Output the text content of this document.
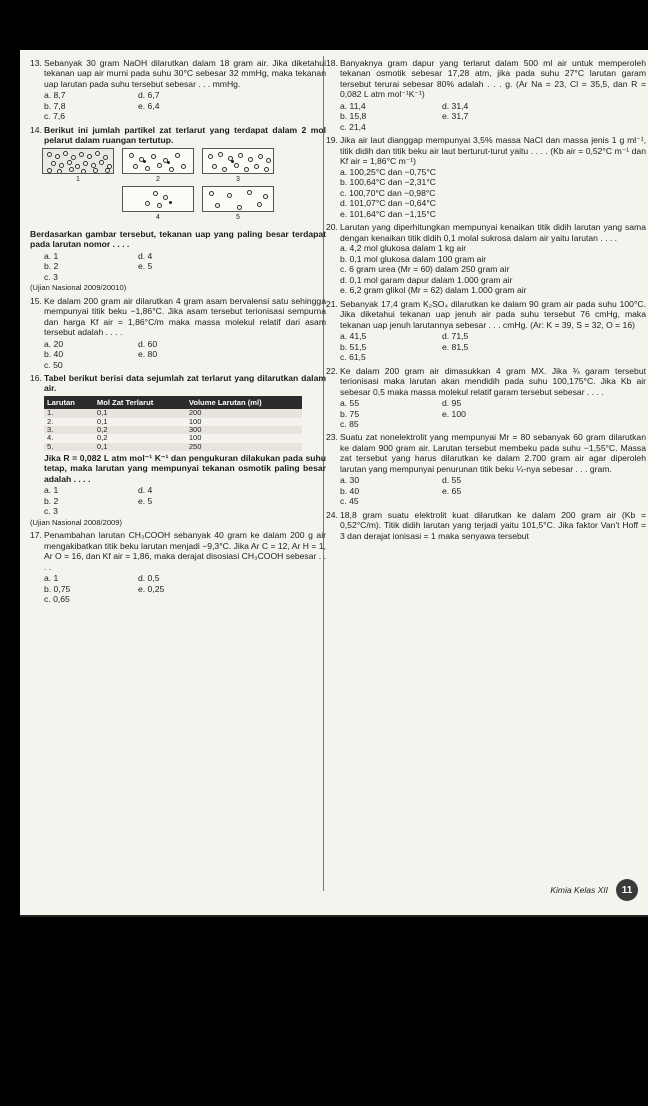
13. Sebanyak 30 gram NaOH dilarutkan dalam 18 gram air. Jika diketahui tekanan uap air murni pada suhu 30°C sebesar 32 mmHg, maka tekanan uap larutan pada suhu tersebut sebesar . . . mmHg.
a. 8,7	d. 6,7
b. 7,8	e. 6,4
c. 7,6
14. Berikut ini jumlah partikel zat terlarut yang terdapat dalam 2 mol pelarut dalam ruangan tertutup.
1	2	3
4	5
Berdasarkan gambar tersebut, tekanan uap yang paling besar terdapat pada larutan nomor . . . .
a. 1	d. 4
b. 2	e. 5
c. 3
(Ujian Nasional 2009/20010)
15. Ke dalam 200 gram air dilarutkan 4 gram asam bervalensi satu sehingga mempunyai titik beku −1,86°C. Jika asam tersebut terionisasi sempurna dan harga Kf air = 1,86°C/m maka massa molekul relatif dari asam tersebut adalah . . . .
a. 20	d. 60
b. 40	e. 80
c. 50
16. Tabel berikut berisi data sejumlah zat terlarut yang dilarutkan dalam air.
Larutan	Mol Zat Terlarut	Volume Larutan (ml)
1.	0,1	200
2.	0,1	100
3.	0,2	300
4.	0,2	100
5.	0,1	250
Jika R = 0,082 L atm mol⁻¹ K⁻¹ dan pengukuran dilakukan pada suhu tetap, maka larutan yang mempunyai tekanan osmotik paling besar adalah . . . .
a. 1	d. 4
b. 2	e. 5
c. 3
(Ujian Nasional 2008/2009)
17. Penambahan larutan CH₃COOH sebanyak 40 gram ke dalam 200 g air mengakibatkan titik beku larutan menjadi −9,3°C. Jika Ar C = 12, Ar H = 1, Ar O = 16, dan Kf air = 1,86, maka derajat disosiasi CH₃COOH sebesar . . . .
a. 1	d. 0,5
b. 0,75	e. 0,25
c. 0,65
18. Banyaknya gram dapur yang terlarut dalam 500 ml air untuk memperoleh tekanan osmotik sebesar 17,28 atm, jika pada suhu 27°C larutan garam tersebut terurai sebesar 80% adalah . . . g. (Ar Na = 23, Cl = 35,5, dan R = 0,082 L atm mol⁻¹K⁻¹)
a. 11,4	d. 31,4
b. 15,8	e. 31,7
c. 21,4
19. Jika air laut dianggap mempunyai 3,5% massa NaCl dan massa jenis 1 g ml⁻¹, titik didih dan titik beku air laut berturut-turut yaitu . . . . (Kb air = 0,52°C m⁻¹ dan Kf air = 1,86°C m⁻¹)
a. 100,25°C dan −0,75°C
b. 100,64°C dan −2,31°C
c. 100,70°C dan −0,98°C
d. 101,07°C dan −0,64°C
e. 101,64°C dan −1,15°C
20. Larutan yang diperhitungkan mempunyai kenaikan titik didih larutan yang sama dengan kenaikan titik didih 0,1 molal sukrosa dalam air yaitu larutan . . . .
a. 4,2 mol glukosa dalam 1 kg air
b. 0,1 mol glukosa dalam 100 gram air
c. 6 gram urea (Mr = 60) dalam 250 gram air
d. 0,1 mol garam dapur dalam 1.000 gram air
e. 6,2 gram glikol (Mr = 62) dalam 1.000 gram air
21. Sebanyak 17,4 gram K₂SO₄ dilarutkan ke dalam 90 gram air pada suhu 100°C. Jika diketahui tekanan uap jenuh air pada suhu tersebut 76 cmHg, maka tekanan uap jenuh larutannya sebesar . . . cmHg. (Ar: K = 39, S = 32, O = 16)
a. 41,5	d. 71,5
b. 51,5	e. 81,5
c. 61,5
22. Ke dalam 200 gram air dimasukkan 4 gram MX. Jika ¾ garam tersebut terionisasi maka larutan akan mendidih pada suhu 100,175°C. Jika Kb air sebesar 0,5 maka massa molekul relatif garam tersebut sebesar . . . .
a. 55	d. 95
b. 75	e. 100
c. 85
23. Suatu zat nonelektrolit yang mempunyai Mr = 80 sebanyak 60 gram dilarutkan ke dalam 900 gram air. Larutan tersebut membeku pada suhu −1,55°C. Massa zat tersebut yang harus dilarutkan ke dalam 2.700 gram air agar diperoleh larutan yang mempunyai penurunan titik beku ¼-nya sebesar . . . gram.
a. 30	d. 55
b. 40	e. 65
c. 45
24. 18,8 gram suatu elektrolit kuat dilarutkan ke dalam 200 gram air (Kb = 0,52°C/m). Titik didih larutan yang terjadi yaitu 101,5°C. Jika faktor Van't Hoff = 3 dan derajat ionisasi = 1 maka senyawa tersebut
Kimia Kelas XII	11
